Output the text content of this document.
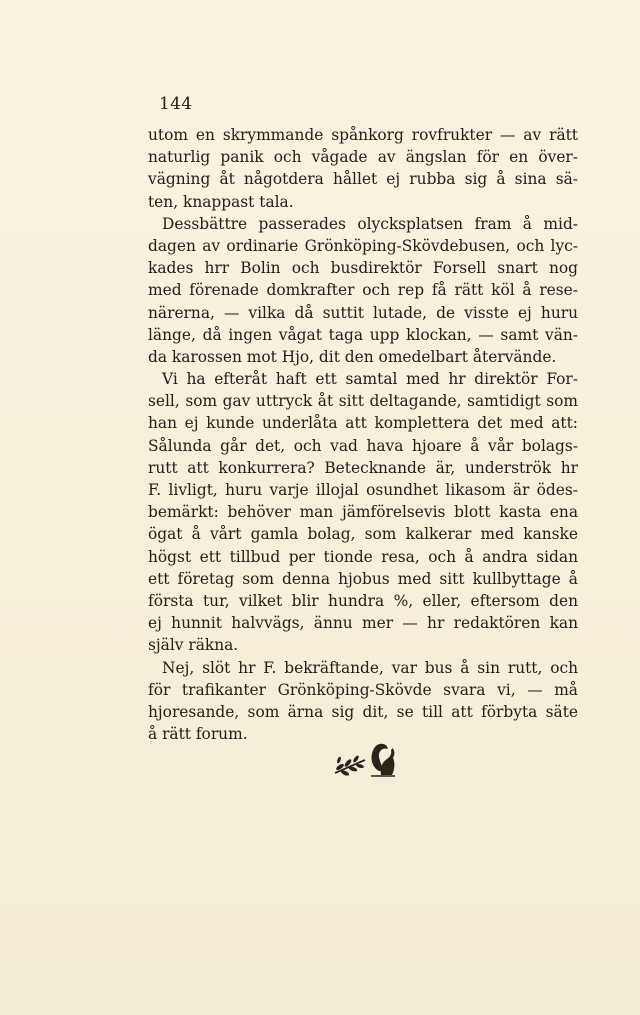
144
utom en skrymmande spånkorg rovfrukter — av rätt
naturlig panik och vågade av ängslan för en över-
vägning åt någotdera hållet ej rubba sig å sina sä-
ten, knappast tala.
Dessbättre passerades olycksplatsen fram å mid-
dagen av ordinarie Grönköping-Skövdebusen, och lyc-
kades hrr Bolin och busdirektör Forsell snart nog
med förenade domkrafter och rep få rätt köl å rese-
närerna, — vilka då suttit lutade, de visste ej huru
länge, då ingen vågat taga upp klockan, — samt vän-
da karossen mot Hjo, dit den omedelbart återvände.
Vi ha efteråt haft ett samtal med hr direktör For-
sell, som gav uttryck åt sitt deltagande, samtidigt som
han ej kunde underlåta att komplettera det med att:
Sålunda går det, och vad hava hjoare å vår bolags-
rutt att konkurrera? Betecknande är, underströk hr
F. livligt, huru varje illojal osundhet likasom är ödes-
bemärkt: behöver man jämförelsevis blott kasta ena
ögat å vårt gamla bolag, som kalkerar med kanske
högst ett tillbud per tionde resa, och å andra sidan
ett företag som denna hjobus med sitt kullbyttage å
första tur, vilket blir hundra %, eller, eftersom den
ej hunnit halvvägs, ännu mer — hr redaktören kan
själv räkna.
Nej, slöt hr F. bekräftande, var bus å sin rutt, och
för trafikanter Grönköping-Skövde svara vi, — må
hjoresande, som ärna sig dit, se till att förbyta säte
å rätt forum.
